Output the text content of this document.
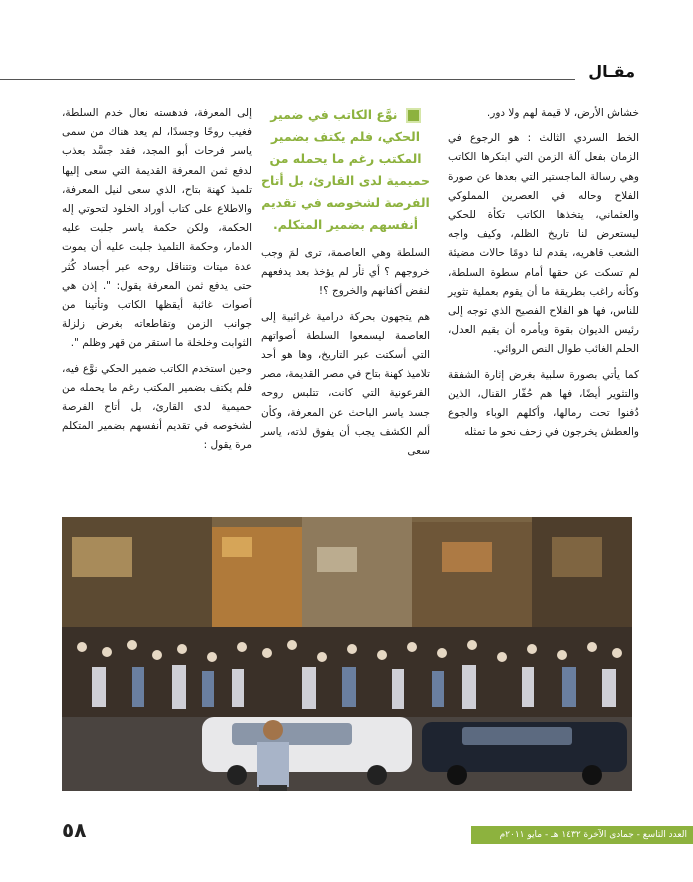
مقـال

خشاش الأرض، لا قيمة لهم ولا دور.

الخط السردي الثالث : هو الرجوع في الزمان بفعل آلة الزمن التي ابتكرها الكاتب وهي رسالة الماجستير التي بعدها عن صورة الفلاح وحاله في العصرين المملوكي والعثماني، يتخذها الكاتب تكأة للحكي ليستعرض لنا تاريخ الظلم، وكيف واجه الشعب قاهريه، يقدم لنا دومًا حالات مضيئة لم تسكت عن حقها أمام سطوة السلطة، وكأنه راغب بطريقة ما أن يقوم بعملية تثوير للناس، فها هو الفلاح الفصيح الذي توجه إلى رئيس الديوان بقوة ويأمره أن يقيم العدل، الحلم الغائب طوال النص الروائي.

كما يأتي بصورة سلبية بغرض إثارة الشفقة والتثوير أيضًا، فها هم حُفّار القنال، الذين دُفنوا تحت رمالها، وأكلهم الوباء والجوع والعطش يخرجون في زحف نحو ما تمثله

نوَّع الكاتب في ضمير الحكي، فلم يكتف بضمير المكتب رغم ما يحمله من حميمية لدى القارئ، بل أتاح الفرصة لشخوصه في تقديم أنفسهم بضمير المتكلم.

السلطة وهي العاصمة، ترى لمَ وجب خروجهم ؟ أي ثأر لم يؤخذ بعد يدفعهم لنفض أكفانهم والخروج ؟!

هم يتجهون بحركة درامية غرائبية إلى العاصمة ليسمعوا السلطة أصواتهم التي أسكتت عبر التاريخ، وها هو أحد تلاميذ كهنة بتاح في مصر القديمة، مصر الفرعونية التي كانت، تتلبس روحه جسد ياسر الباحث عن المعرفة، وكأن ألم الكشف يجب أن يفوق لذته، ياسر سعى

إلى المعرفة، فدهسته نعال خدم السلطة، فغيب روحًا وجسدًا، لم يعد هناك من سمى ياسر فرحات أبو المجد، فقد جسَّد بعذب لدفع ثمن المعرفة القديمة التي سعى إليها تلميذ كهنة بتاح، الذي سعى لنيل المعرفة، والاطلاع على كتاب أوراد الخلود لتحوتي إله الحكمة، ولكن حكمة ياسر جلبت عليه الدمار، وحكمة التلميذ جلبت عليه أن يموت عدة ميتات وتتناقل روحه عبر أجساد كُثر حتى يدفع ثمن المعرفة يقول: ". إذن هي أصوات غائبة أيقظها الكاتب وتأتينا من جوانب الزمن وتقاطعاته بغرض زلزلة الثوابت وخلخلة ما استقر من قهر وظلم ".

وحين استخدم الكاتب ضمير الحكي نوَّع فيه، فلم يكتف بضمير المكتب رغم ما يحمله من حميمية لدى القارئ، بل أتاح الفرصة لشخوصه في تقديم أنفسهم بضمير المتكلم مرة يقول :

٥٨	العدد التاسع - جمادى الآخرة ١٤٣٢ هـ - مايو ٢٠١١م
